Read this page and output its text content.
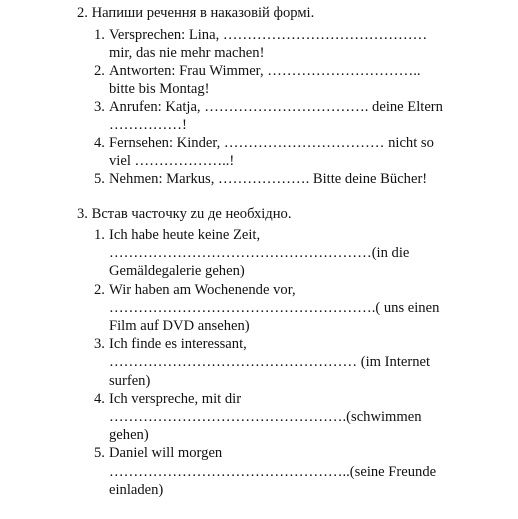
2. Напиши речення в наказовій формі.
1. Versprechen: Lina, ……………………………………
mir, das nie mehr machen!
2. Antworten: Frau Wimmer, …………………………..
bitte bis Montag!
3. Anrufen: Katja, ……………………………. deine Eltern
……………!
4. Fernsehen: Kinder, …………………………… nicht so
viel ………………..!
5. Nehmen: Markus, ………………. Bitte deine Bücher!
3. Встав частoчку zu де необхідно.
1. Ich habe heute keine Zeit,
………………………………………………(in die
Gemäldegalerie gehen)
2. Wir haben am Wochenende vor,
……………………………………………….( uns einen
Film auf DVD ansehen)
3. Ich finde es interessant,
…………………………………………… (im Internet
surfen)
4. Ich verspreche, mit dir
………………………………………….(schwimmen
gehen)
5. Daniel will morgen
…………………………………………..(seine Freunde
einladen)
